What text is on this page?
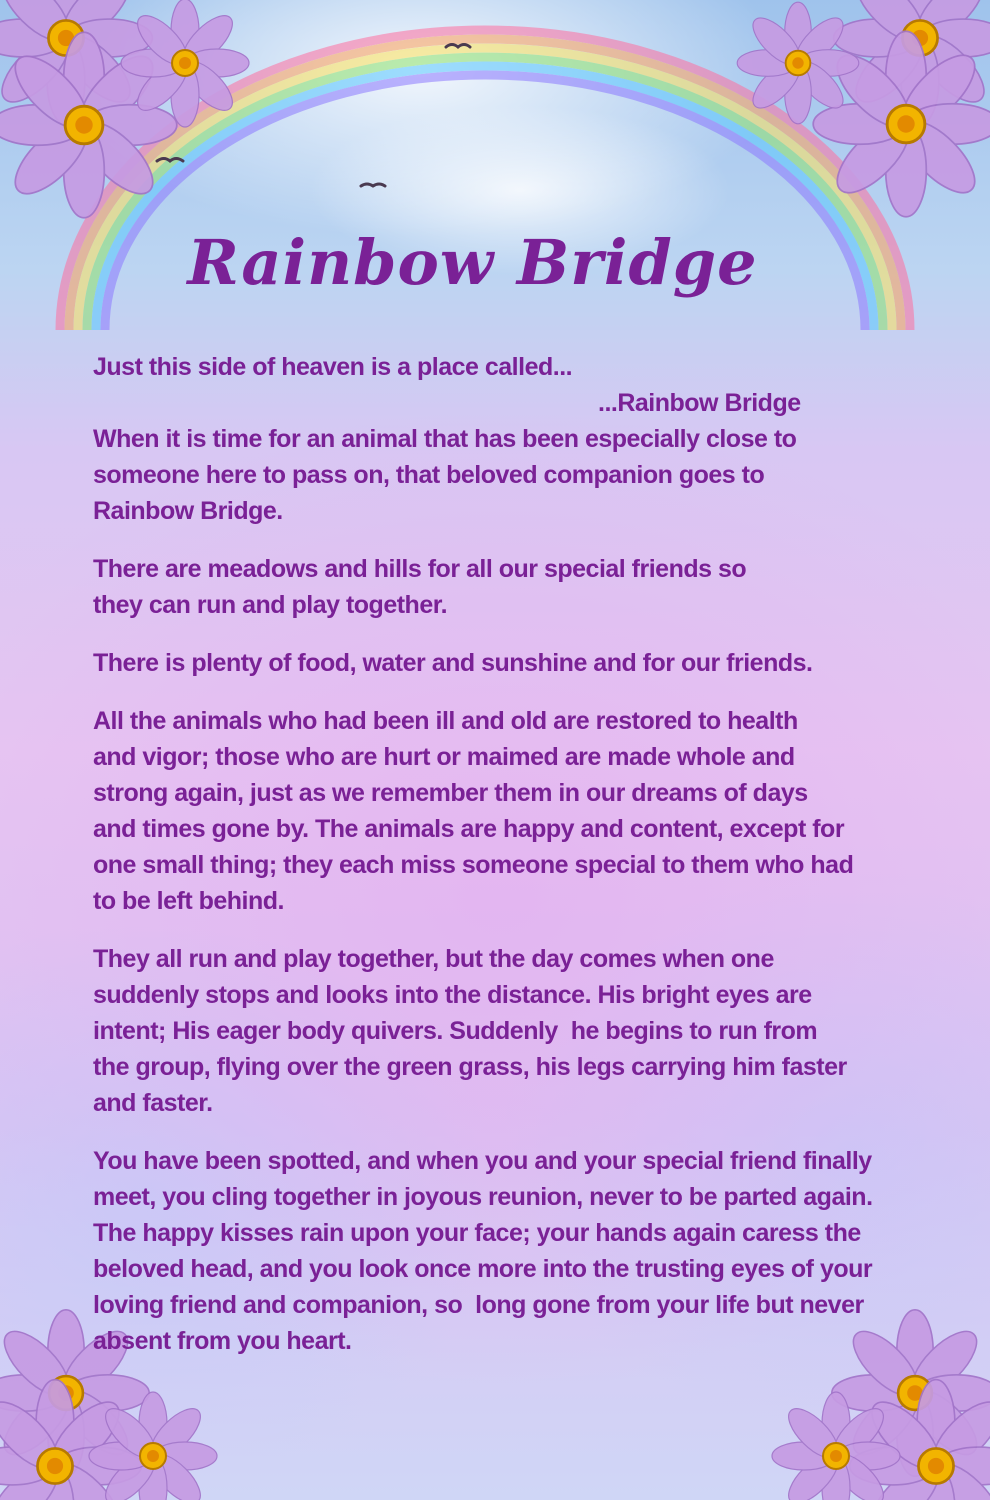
Rainbow Bridge
Just this side of heaven is a place called...
...Rainbow Bridge
When it is time for an animal that has been especially close to
someone here to pass on, that beloved companion goes to
Rainbow Bridge.
There are meadows and hills for all our special friends so
they can run and play together.
There is plenty of food, water and sunshine and for our friends.
All the animals who had been ill and old are restored to health
and vigor; those who are hurt or maimed are made whole and
strong again, just as we remember them in our dreams of days
and times gone by. The animals are happy and content, except for
one small thing; they each miss someone special to them who had
to be left behind.
They all run and play together, but the day comes when one
suddenly stops and looks into the distance. His bright eyes are
intent; His eager body quivers. Suddenly  he begins to run from
the group, flying over the green grass, his legs carrying him faster
and faster.
You have been spotted, and when you and your special friend finally
meet, you cling together in joyous reunion, never to be parted again.
The happy kisses rain upon your face; your hands again caress the
beloved head, and you look once more into the trusting eyes of your
loving friend and companion, so  long gone from your life but never
absent from you heart.
